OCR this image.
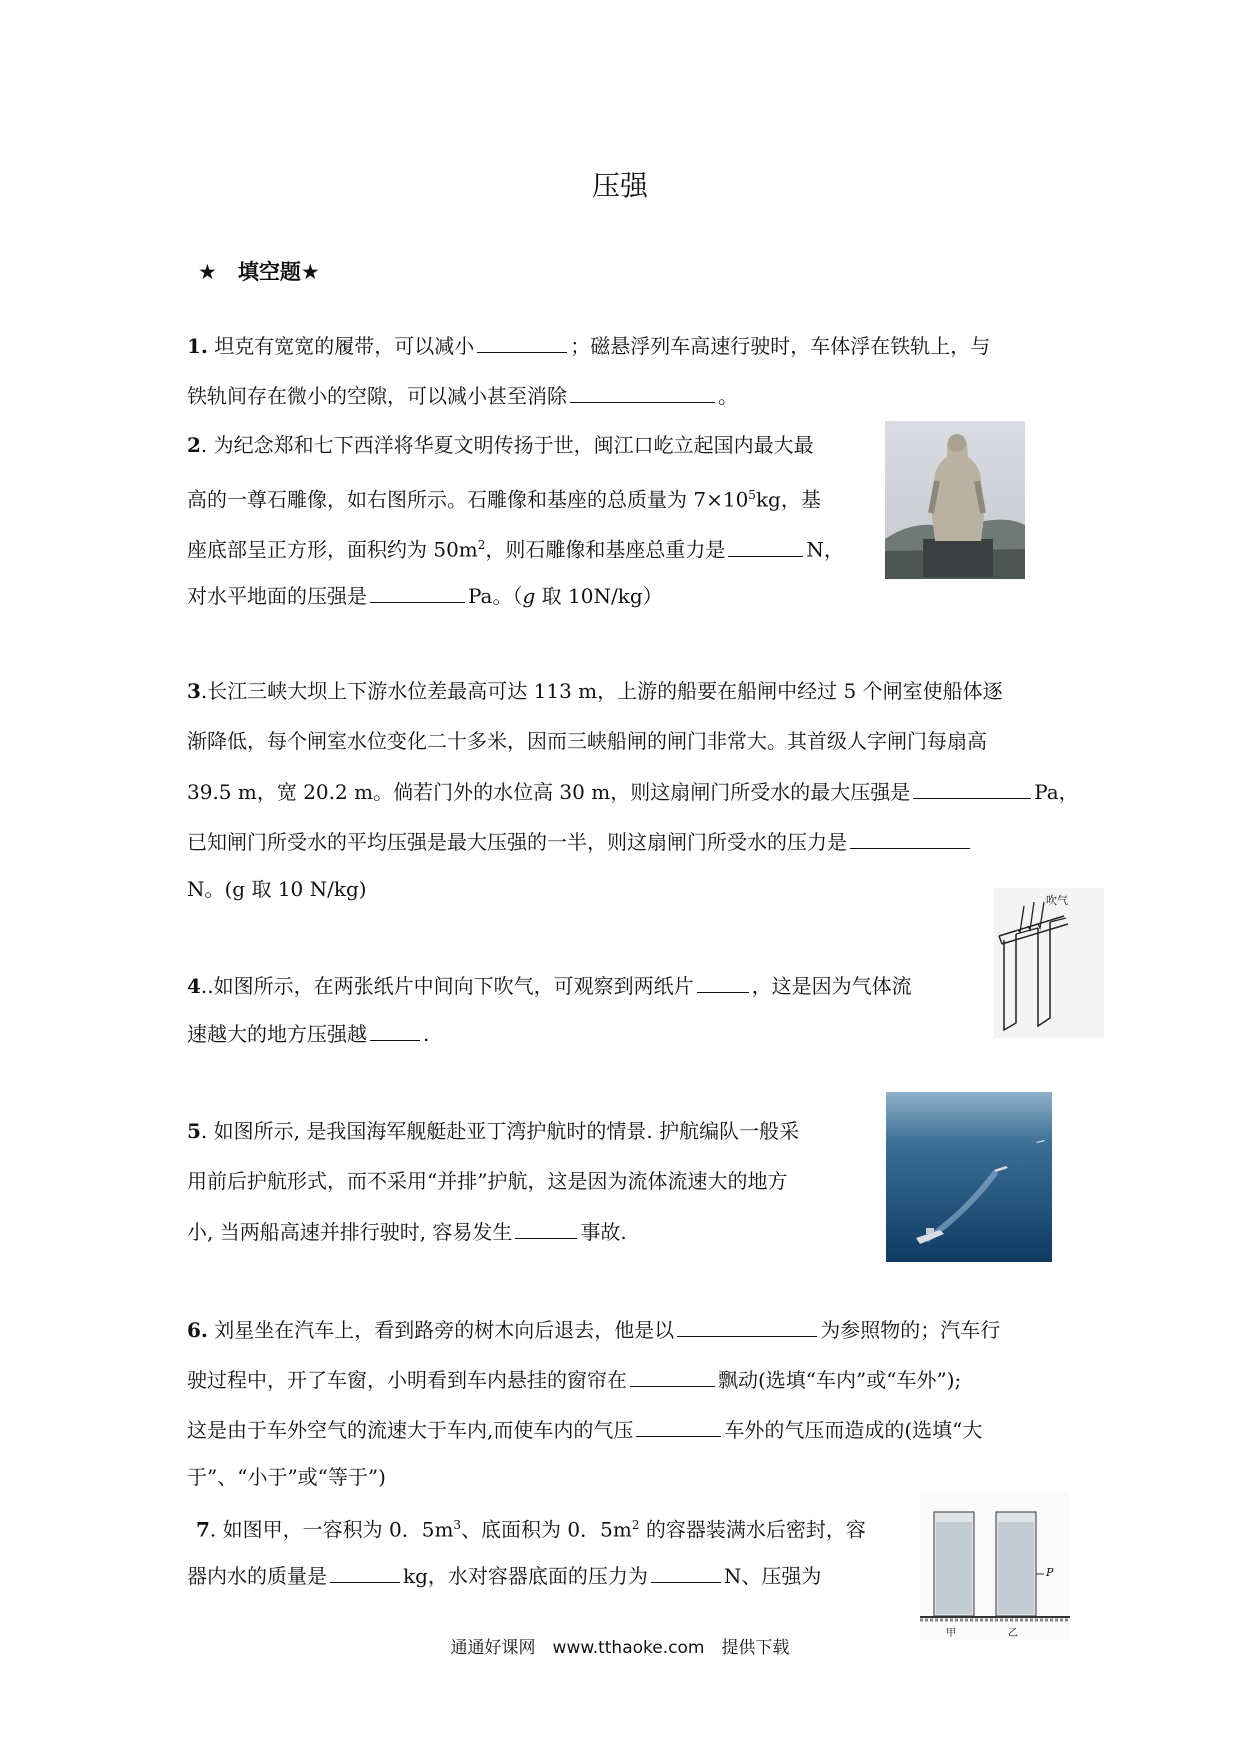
压强
★　填空题★
1. 坦克有宽宽的履带，可以减小	；磁悬浮列车高速行驶时，车体浮在铁轨上，与
铁轨间存在微小的空隙，可以减小甚至消除	。
2. 为纪念郑和七下西洋将华夏文明传扬于世，闽江口屹立起国内最大最
高的一尊石雕像，如右图所示。石雕像和基座的总质量为 $7\times 10^5kg$，基
座底部呈正方形，面积约为 $50m^2$，则石雕像和基座总重力是	N，
对水平地面的压强是	Pa。（g 取 10N/kg）
3.长江三峡大坝上下游水位差最高可达 113 m，上游的船要在船闸中经过 5 个闸室使船体逐
渐降低，每个闸室水位变化二十多米，因而三峡船闸的闸门非常大。其首级人字闸门每扇高
39.5 m，宽 20.2 m。倘若门外的水位高 30 m，则这扇闸门所受水的最大压强是	Pa，
已知闸门所受水的平均压强是最大压强的一半，则这扇闸门所受水的压力是
N。(g 取 10 N/kg)
4..如图所示，在两张纸片中间向下吹气，可观察到两纸片	，这是因为气体流
速越大的地方压强越	.
吹气
5. 如图所示, 是我国海军舰艇赴亚丁湾护航时的情景. 护航编队一般采
用前后护航形式，而不采用“并排”护航，这是因为流体流速大的地方
小, 当两船高速并排行驶时, 容易发生	事故.
6. 刘星坐在汽车上，看到路旁的树木向后退去，他是以	为参照物的；汽车行
驶过程中，开了车窗，小明看到车内悬挂的窗帘在	飘动(选填“车内”或“车外”);
这是由于车外空气的流速大于车内,而使车内的气压	车外的气压而造成的(选填“大
于”、“小于”或“等于”)
7. 如图甲，一容积为 0．$5m^3$、底面积为 0．$5m^2$ 的容器装满水后密封，容
器内水的质量是	kg，水对容器底面的压力为	N、压强为
甲	乙
P
通通好课网　www.tthaoke.com　提供下载
